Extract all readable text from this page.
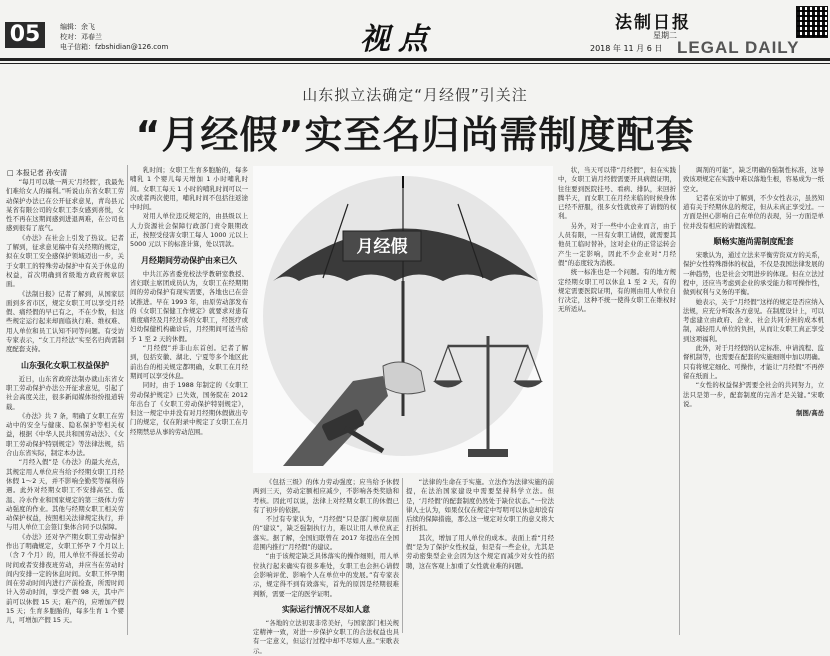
05	编辑：余飞
校对：邓春兰
电子信箱：fzbshidian@126.com	视点	法制日报
星期二
2018 年 11 月 6 日 LEGAL DAILY
山东拟立法确定“月经假”引关注
“月经假”实至名归尚需制度配套
□ 本报记者 孙安清

“每月可以歇一两天‘月经假’，我最先们难给女人的福利。”听说山东省女职工劳动保护办法已在公开征求意见，青岛县元某省有限公司的女职工李女感到喜悦，女性不再在这期间感到进退两难，在公司也感到很有了底气。

《办法》在社会上引发了热议。记者了解到，征求意见稿中有关经期的规定，拟在女职工安全感保护领域迈出一步，关于女职工的特殊劳动保护中有关于休息的权益，首次明确到省级地方政府规章层面。

《法制日报》记者了解到，从国家层面到多省市区，规定女职工可以享受月经假、痛经假的早已有之，不在少数，但这些规定运行起来却面临执行难、维权难、用人单位和员工认知不同等问题。有受访专家表示，“女工月经法”实至名归尚需制度配套支持。

山东强化女职工权益保护

近日，山东省政府法制办就山东省女职工劳动保护办法公开征求意见，引起了社会高度关注，很多新闻媒体纷纷报道转载。

《办法》共 7 条，明确了女职工在劳动中的安全与健康、隐私保护等相关权益，根据《中华人民共和国劳动法》、《女职工劳动保护特别规定》等法律法规，结合山东省实际，制定本办法。

“月经入假”是《办法》的最大亮点，其规定用人单位应当给予经期女职工月经休假 1～2 天，并不影响全勤奖等福利待遇。此外对经期女职工不安排高空、低温、冷水作业和国家规定的第三级体力劳动强度的作业。其他与经期女职工相关劳动保护权益，按照相关法律规定执行，并与用人单位工会签订集体合同予以保障。

《办法》还对孕产期女职工劳动保护作出了明确规定，女职工怀孕 7 个月以上（含 7 个月）的，用人单位不得延长劳动时间或者安排夜班劳动，并应当在劳动时间内安排一定的休息时间。女职工怀孕期间在劳动时间内进行产前检查，所需时间计入劳动时间，享受产假 98 天，其中产前可以休假 15 天；难产的，应增加产假 15 天；生育多胞胎的，每多生育 1 个婴儿，可增加产假 15 天。

乳时间；女职工生育多胞胎的，每多哺乳 1 个婴儿每天增加 1 小时哺乳时间。女职工每天 1 小时的哺乳时间可以一次或者两次使用，哺乳时间不包括往返途中时间。

对用人单位违反规定的，由县级以上人力资源社会保障行政部门责令限期改正，按照受侵害女职工每人 1000 元以上 5000 元以下的标准计算，处以罚款。

月经期间劳动保护由来已久

中共江苏省委党校法学教研室教授、省妇联主席团成员认为，女职工在经期期间的劳动保护有现实需要，各地也已在尝试推进。早在 1993 年，由原劳动部发布的《女职工保健工作规定》就要求对患有重度痛经及月经过多的女职工，经医疗或妇幼保健机构确诊后，月经期间可适当给予 1 至 2 天的休假。

“月经假”并非山东首创。记者了解到，包括安徽、湖北、宁夏等多个地区此前出台的相关规定都明确，女职工在月经期间可以享受休息。

同时，由于 1988 年制定的《女职工劳动保护规定》已失效，国务院在 2012 年出台了《女职工劳动保护特别规定》，但这一规定中并没有对月经期休假做出专门的规定，仅在附录中规定了女职工在月经期禁忌从事的劳动范围。

月经假

《包括三级》的体力劳动强度；应当给予休假两到三天，劳动定额相应减少，不影响各类奖励和考核。因此可以说，法律上对经期女职工的休假已有了初步的依据。

不过有专家认为，“月经假”只是部门规章层面的“建议”，缺乏强制执行力，难以让用人单位真正落实。据了解，全国妇联曾在 2017 年提出在全国范围内推行“月经假”的建议。

“由于该规定缺乏具体落实的操作细则，用人单位执行起来确实有很多难处，女职工也会担心请假会影响评优、影响个人在单位中的发展。”有专家表示，规定得不到有效落实，首先的原因是经期很难判断，需要一定的医学证明。

实际运行情况不尽如人意

“各地的立法初衷非常美好，与国家部门相关规定精神一致，对进一步保护女职工的合法权益也具有一定意义，但运行过程中却不尽如人意。”宋歌表示。

“法律的生命在于实施。立法作为法律实施的前提，在法治国家建设中需要坚持科学立法。但是，‘月经假’的配套制度仍然处于缺位状态。”一位法律人士认为，如果仅仅在规定中写明可以休息却没有后续的保障措施，那么这一规定对女职工的意义将大打折扣。

其次，增加了用人单位的成本。表面上看“月经假”是为了保护女性权益，但是有一些企业，尤其是劳动密集型企业会因为这个规定而减少对女性的招聘，这在客观上加重了女性就业难的问题。

状，当天可以带“月经假”，但在实践中，女职工请月经假需要开具病假证明，往往要到医院挂号、看病、排队，来回折腾半天，而女职工在月经来临的时候身体已经不舒服，很多女性就放弃了请假的权利。

另外，对于一些中小企业而言，由于人员有限，一旦有女职工请假，就需要其他员工临时替补，这对企业的正常运转会产生一定影响，因此不少企业对“月经假”的态度较为消极。

统一标准也是一个问题。有的地方规定经期女职工可以休息 1 至 2 天，有的规定需要医院证明，有的则由用人单位自行决定，这种不统一使得女职工在维权时无所适从。

调剂的可能”，缺乏明确的强制性标准，这导致该项规定在实践中难以落地生根，容易成为一纸空文。

记者在采访中了解到，不少女性表示，虽然知道有关于经期休息的规定，但从未真正享受过。一方面是担心影响自己在单位的表现，另一方面是单位并没有相应的请假流程。

顺畅实施尚需制度配套

宋歌认为，通过立法来平衡劳资双方的关系，保护女性特殊群体的权益，不仅是我国法律发展的一种趋势，也是社会文明进步的体现。但在立法过程中，还应当考虑到企业的承受能力和可操作性，做到权利与义务的平衡。

她表示，关于“月经假”这样的规定是否应纳入法规，应充分听取各方意见。在制度设计上，可以考虑建立由政府、企业、社会共同分担的成本机制，减轻用人单位的负担，从而让女职工真正享受到这项福利。

此外，对于月经假的认定标准、申请流程、监督机制等，也需要在配套的实施细则中加以明确。只有将规定细化、可操作，才能让“月经假”不再停留在纸面上。

“女性的权益保护需要全社会的共同努力，立法只是第一步，配套制度的完善才是关键。”宋歌说。

制图/高岳
